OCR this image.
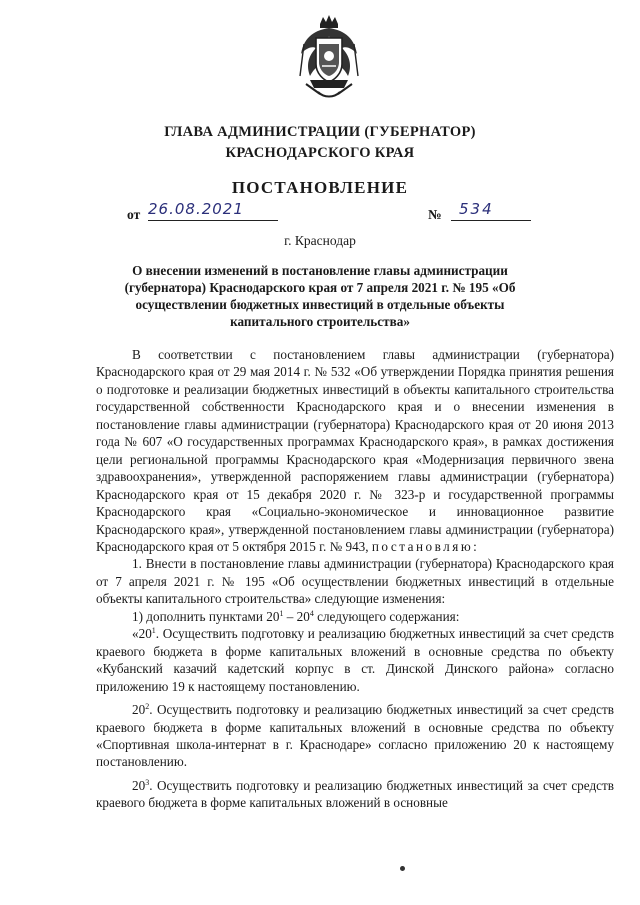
ГЛАВА АДМИНИСТРАЦИИ (ГУБЕРНАТОР)
КРАСНОДАРСКОГО КРАЯ
ПОСТАНОВЛЕНИЕ
от 26.08.2021	№	534
г. Краснодар
О внесении изменений в постановление главы администрации (губернатора) Краснодарского края от 7 апреля 2021 г. № 195 «Об осуществлении бюджетных инвестиций в отдельные объекты капитального строительства»

В соответствии с постановлением главы администрации (губернатора) Краснодарского края от 29 мая 2014 г. № 532 «Об утверждении Порядка принятия решения о подготовке и реализации бюджетных инвестиций в объекты капитального строительства государственной собственности Краснодарского края и о внесении изменения в постановление главы администрации (губернатора) Краснодарского края от 20 июня 2013 года № 607 «О государственных программах Краснодарского края», в рамках достижения цели региональной программы Краснодарского края «Модернизация первичного звена здравоохранения», утвержденной распоряжением главы администрации (губернатора) Краснодарского края от 15 декабря 2020 г. № 323-р и государственной программы Краснодарского края «Социально-экономическое и инновационное развитие Краснодарского края», утвержденной постановлением главы администрации (губернатора) Краснодарского края от 5 октября 2015 г. № 943, постановляю:

1. Внести в постановление главы администрации (губернатора) Краснодарского края от 7 апреля 2021 г. № 195 «Об осуществлении бюджетных инвестиций в отдельные объекты капитального строительства» следующие изменения:

1) дополнить пунктами $20^1 - 20^4$ следующего содержания:

«$20^1$. Осуществить подготовку и реализацию бюджетных инвестиций за счет средств краевого бюджета в форме капитальных вложений в основные средства по объекту «Кубанский казачий кадетский корпус в ст. Динской Динского района» согласно приложению 19 к настоящему постановлению.

$20^2$. Осуществить подготовку и реализацию бюджетных инвестиций за счет средств краевого бюджета в форме капитальных вложений в основные средства по объекту «Спортивная школа-интернат в г. Краснодаре» согласно приложению 20 к настоящему постановлению.

$20^3$. Осуществить подготовку и реализацию бюджетных инвестиций за счет средств краевого бюджета в форме капитальных вложений в основные
